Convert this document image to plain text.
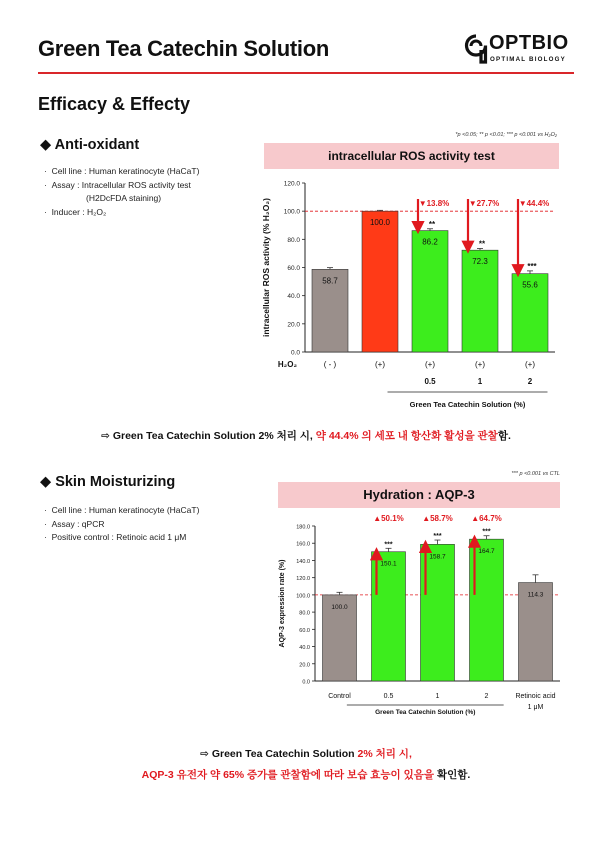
Green Tea Catechin Solution	OPTBIO
OPTIMAL BIOLOGY
Efficacy & Effecty
◆ Anti-oxidant
·  Cell line : Human keratinocyte (HaCaT)
·  Assay : Intracellular ROS activity test
(H2DcFDA staining)
·  Inducer : H₂O₂
*p <0.05; ** p <0.01; *** p <0.001 vs H₂O₂
intracellular ROS activity test
0.0
20.0
40.0
60.0
80.0
100.0
120.0
intracellular ROS activity (% H₂O₂)	58.7
( - )
100.0
(+)
86.2
**
▼13.8%
(+)
0.5
72.3
**
▼27.7%
(+)
1
55.6
***
▼44.4%
(+)
2
Green Tea Catechin Solution (%)
H₂O₂
⇨ Green Tea Catechin Solution 2% 처리 시, 약 44.4% 의 세포 내 항산화 활성을 관찰함.
◆ Skin Moisturizing
·  Cell line : Human keratinocyte (HaCaT)
·  Assay : qPCR
·  Positive control : Retinoic acid 1 μM
*** p <0.001 vs CTL
Hydration : AQP-3
0.0
20.0
40.0
60.0
80.0
100.0
120.0
140.0
160.0
180.0
AQP-3 expression rate (%)	100.0
Control
150.1
***
▲50.1%
0.5
158.7
***
▲58.7%
1
164.7
***
▲64.7%
2
114.3
Retinoic acid
1 μM
Green Tea Catechin Solution (%)
⇨ Green Tea Catechin Solution 2% 처리 시,
AQP-3 유전자 약 65% 증가를 관찰함에 따라 보습 효능이 있음을 확인함.
